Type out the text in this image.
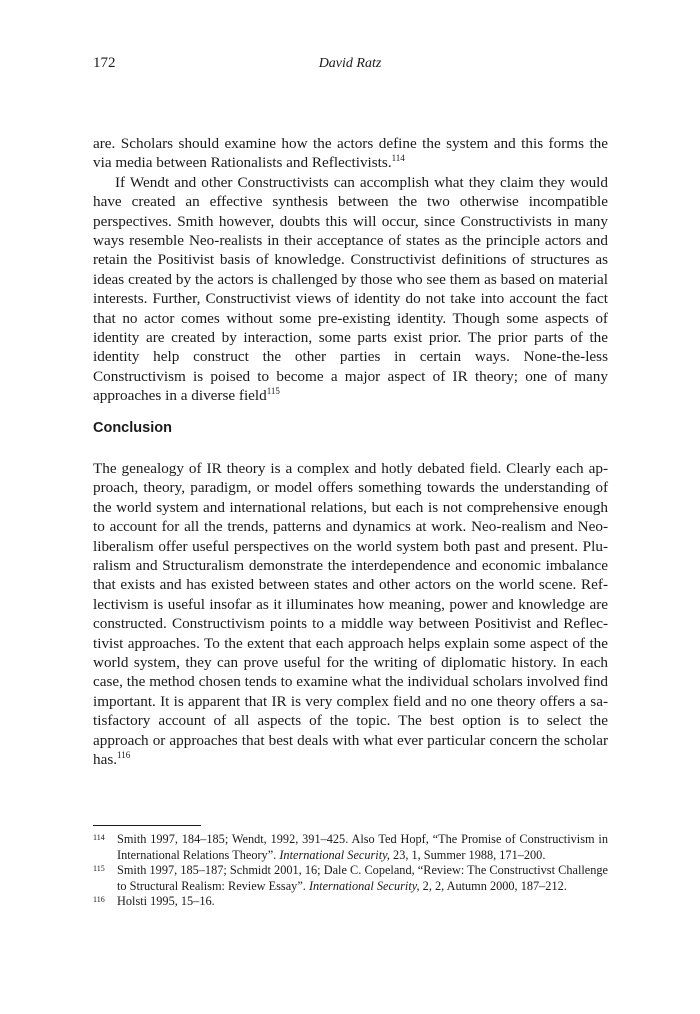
172	David Ratz

are. Scholars should examine how the actors define the system and this forms the via media between Rationalists and Reflectivists.$^{114}$

If Wendt and other Constructivists can accomplish what they claim they would have created an effective synthesis between the two otherwise incompatible perspectives. Smith however, doubts this will occur, since Constructivists in many ways resemble Neo-realists in their acceptance of states as the principle actors and retain the Positivist basis of knowledge. Constructivist definitions of structures as ideas created by the actors is challenged by those who see them as based on material interests. Further, Constructivist views of identity do not take into account the fact that no actor comes without some pre-existing identity. Though some aspects of identity are created by interaction, some parts exist prior. The prior parts of the identity help construct the other parties in certain ways. None-the-less Constructivism is poised to become a major aspect of IR theory; one of many approaches in a diverse field$^{115}$

Conclusion

The genealogy of IR theory is a complex and hotly debated field. Clearly each approach, theory, paradigm, or model offers something towards the understanding of the world system and international relations, but each is not comprehensive enough to account for all the trends, patterns and dynamics at work. Neo-realism and Neoliberalism offer useful perspectives on the world system both past and present. Pluralism and Structuralism demonstrate the interdependence and economic imbalance that exists and has existed between states and other actors on the world scene. Reflectivism is useful insofar as it illuminates how meaning, power and knowledge are constructed. Constructivism points to a middle way between Positivist and Reflectivist approaches. To the extent that each approach helps explain some aspect of the world system, they can prove useful for the writing of diplomatic history. In each case, the method chosen tends to examine what the individual scholars involved find important. It is apparent that IR is very complex field and no one theory offers a satisfactory account of all aspects of the topic. The best option is to select the approach or approaches that best deals with what ever particular concern the scholar has.$^{116}$

114 Smith 1997, 184–185; Wendt, 1992, 391–425. Also Ted Hopf, “The Promise of Constructivism in International Relations Theory”. International Security, 23, 1, Summer 1988, 171–200.
115 Smith 1997, 185–187; Schmidt 2001, 16; Dale C. Copeland, “Review: The Constructivst Challenge to Structural Realism: Review Essay”. International Security, 2, 2, Autumn 2000, 187–212.
116 Holsti 1995, 15–16.
